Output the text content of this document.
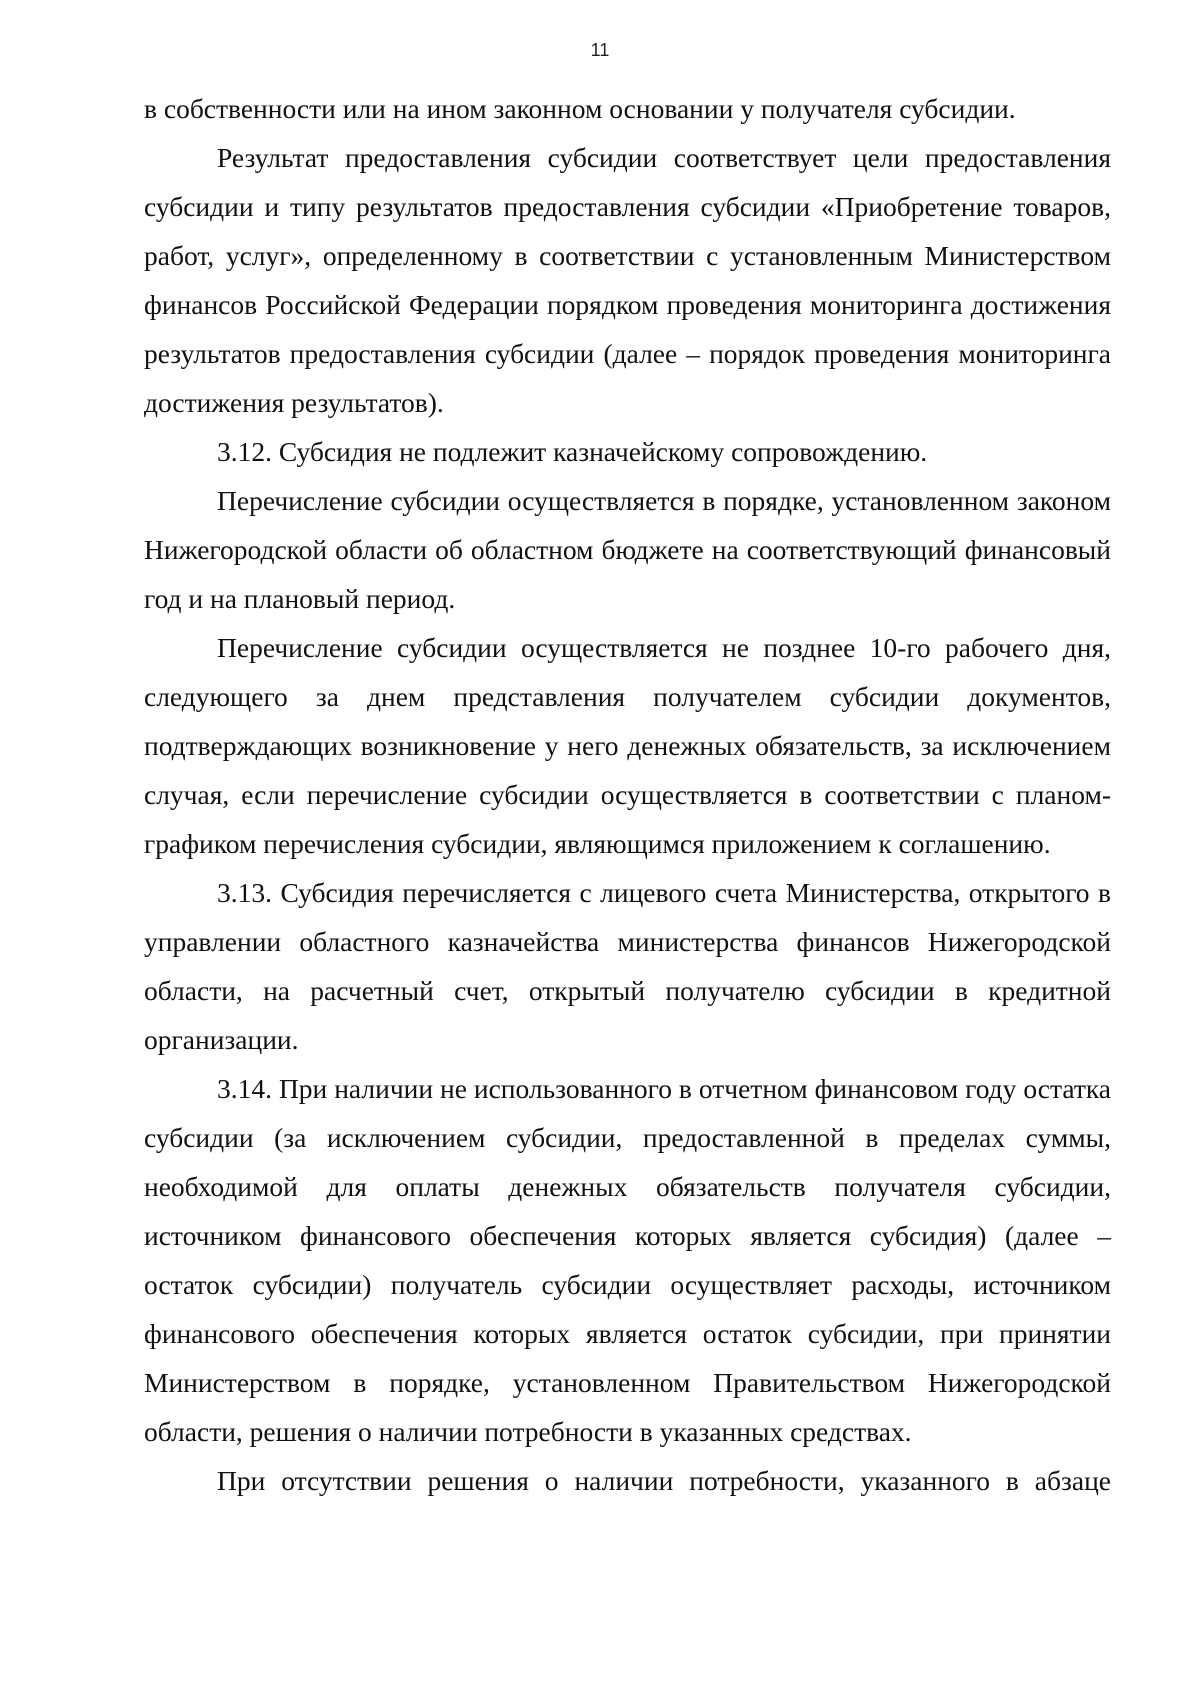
11

в собственности или на ином законном основании у получателя субсидии.

Результат предоставления субсидии соответствует цели предоставления субсидии и типу результатов предоставления субсидии «Приобретение товаров, работ, услуг», определенному в соответствии с установленным Министерством финансов Российской Федерации порядком проведения мониторинга достижения результатов предоставления субсидии (далее – порядок проведения мониторинга достижения результатов).

3.12. Субсидия не подлежит казначейскому сопровождению.

Перечисление субсидии осуществляется в порядке, установленном законом Нижегородской области об областном бюджете на соответствующий финансовый год и на плановый период.

Перечисление субсидии осуществляется не позднее 10-го рабочего дня, следующего за днем представления получателем субсидии документов, подтверждающих возникновение у него денежных обязательств, за исключением случая, если перечисление субсидии осуществляется в соответствии с планом-графиком перечисления субсидии, являющимся приложением к соглашению.

3.13. Субсидия перечисляется с лицевого счета Министерства, открытого в управлении областного казначейства министерства финансов Нижегородской области, на расчетный счет, открытый получателю субсидии в кредитной организации.

3.14. При наличии не использованного в отчетном финансовом году остатка субсидии (за исключением субсидии, предоставленной в пределах суммы, необходимой для оплаты денежных обязательств получателя субсидии, источником финансового обеспечения которых является субсидия) (далее – остаток субсидии) получатель субсидии осуществляет расходы, источником финансового обеспечения которых является остаток субсидии, при принятии Министерством в порядке, установленном Правительством Нижегородской области, решения о наличии потребности в указанных средствах.

При отсутствии решения о наличии потребности, указанного в абзаце
